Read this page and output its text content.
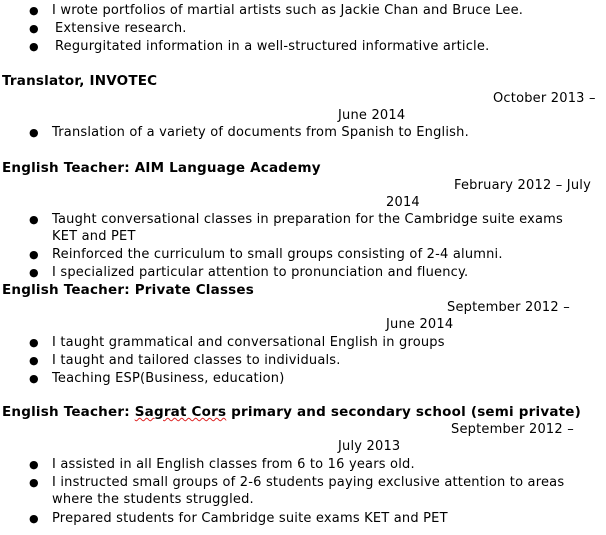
● I wrote portfolios of martial artists such as Jackie Chan and Bruce Lee.
● Extensive research.
● Regurgitated information in a well-structured informative article.
Translator, INVOTEC
October 2013 –
June 2014
● Translation of a variety of documents from Spanish to English.
English Teacher: AIM Language Academy
February 2012 – July
2014
● Taught conversational classes in preparation for the Cambridge suite exams
KET and PET
● Reinforced the curriculum to small groups consisting of 2-4 alumni.
● I specialized particular attention to pronunciation and fluency.
English Teacher: Private Classes
September 2012 –
June 2014
● I taught grammatical and conversational English in groups
● I taught and tailored classes to individuals.
● Teaching ESP(Business, education)
English Teacher: Sagrat Cors primary and secondary school (semi private)
September 2012 –
July 2013
● I assisted in all English classes from 6 to 16 years old.
● I instructed small groups of 2-6 students paying exclusive attention to areas
where the students struggled.
● Prepared students for Cambridge suite exams KET and PET
